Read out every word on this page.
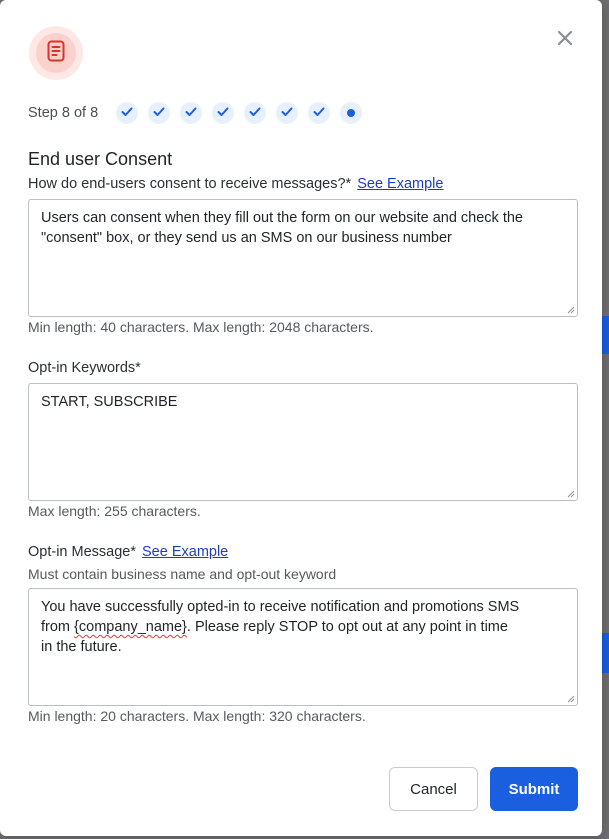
Step 8 of 8
End user Consent
How do end-users consent to receive messages?* See Example
Users can consent when they fill out the form on our website and check the "consent" box, or they send us an SMS on our business number
Min length: 40 characters. Max length: 2048 characters.
Opt-in Keywords*
START, SUBSCRIBE
Max length: 255 characters.
Opt-in Message* See Example
Must contain business name and opt-out keyword
You have successfully opted-in to receive notification and promotions SMS
from {company_name}. Please reply STOP to opt out at any point in time
in the future.
Min length: 20 characters. Max length: 320 characters.
Cancel	Submit
